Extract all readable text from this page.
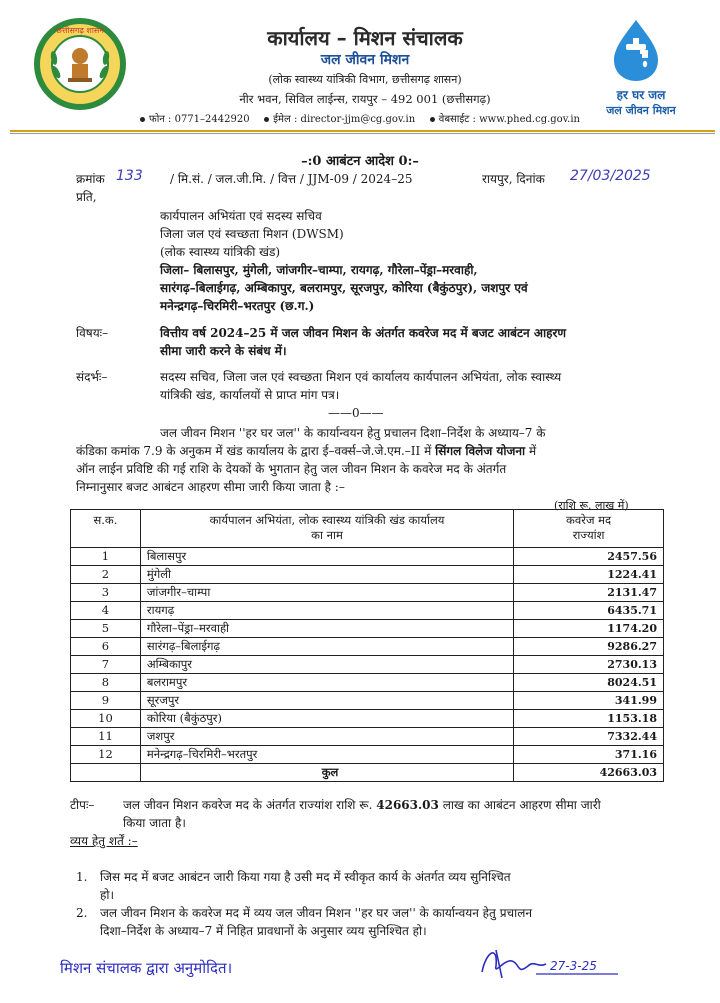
छत्तीसगढ़ शासन
हर घर जल
जल जीवन मिशन
कार्यालय – मिशन संचालक
जल जीवन मिशन
(लोक स्वास्थ्य यांत्रिकी विभाग, छत्तीसगढ़ शासन)
नीर भवन, सिविल लाईन्स, रायपुर – 492 001 (छत्तीसगढ़)
फोन : 0771–2442920	ईमेल : director-jjm@cg.gov.in	वेबसाईट : www.phed.cg.gov.in
–:0 आबंटन आदेश 0:–
क्रमांक 133 / मि.सं. / जल.जी.मि. / वित्त / JJM-09 / 2024–25	रायपुर, दिनांक 27/03/2025
प्रति,
कार्यपालन अभियंता एवं सदस्य सचिव
जिला जल एवं स्वच्छता मिशन (DWSM)
(लोक स्वास्थ्य यांत्रिकी खंड)
जिला– बिलासपुर, मुंगेली, जांजगीर–चाम्पा, रायगढ़, गौरेला–पेंड्रा–मरवाही,
सारंगढ़–बिलाईगढ़, अम्बिकापुर, बलरामपुर, सूरजपुर, कोरिया (बैकुंठपुर), जशपुर एवं
मनेन्द्रगढ़–चिरमिरी–भरतपुर (छ.ग.)
विषयः–	वित्तीय वर्ष 2024–25 में जल जीवन मिशन के अंतर्गत कवरेज मद में बजट आबंटन आहरण
सीमा जारी करने के संबंध में।
संदर्भः–	सदस्य सचिव, जिला जल एवं स्वच्छता मिशन एवं कार्यालय कार्यपालन अभियंता, लोक स्वास्थ्य
यांत्रिकी खंड, कार्यालयों से प्राप्त मांग पत्र।
——0——
जल जीवन मिशन ''हर घर जल'' के कार्यान्वयन हेतु प्रचालन दिशा–निर्देश के अध्याय–7 के
कंडिका कमांक 7.9 के अनुकम में खंड कार्यालय के द्वारा ई–वर्क्स–जे.जे.एम.–II में सिंगल विलेज योजना में
ऑन लाईन प्रविष्टि की गई राशि के देयकों के भुगतान हेतु जल जीवन मिशन के कवरेज मद के अंतर्गत
निम्नानुसार बजट आबंटन आहरण सीमा जारी किया जाता है :–
(राशि रू. लाख में)
स.क.	कार्यपालन अभियंता, लोक स्वास्थ्य यांत्रिकी खंड कार्यालय
का नाम	कवरेज मद
राज्यांश
1	बिलासपुर	2457.56
2	मुंगेली	1224.41
3	जांजगीर–चाम्पा	2131.47
4	रायगढ़	6435.71
5	गौरेला–पेंड्रा–मरवाही	1174.20
6	सारंगढ़–बिलाईगढ़	9286.27
7	अम्बिकापुर	2730.13
8	बलरामपुर	8024.51
9	सूरजपुर	341.99
10	कोरिया (बैकुंठपुर)	1153.18
11	जशपुर	7332.44
12	मनेन्द्रगढ़–चिरमिरी–भरतपुर	371.16
	कुल	42663.03
टीपः– जल जीवन मिशन कवरेज मद के अंतर्गत राज्यांश राशि रू. 42663.03 लाख का आबंटन आहरण सीमा जारी
किया जाता है।
व्यय हेतु शर्तें :–
1. जिस मद में बजट आबंटन जारी किया गया है उसी मद में स्वीकृत कार्य के अंतर्गत व्यय सुनिश्चित
हो।
2. जल जीवन मिशन के कवरेज मद में व्यय जल जीवन मिशन ''हर घर जल'' के कार्यान्वयन हेतु प्रचालन
दिशा–निर्देश के अध्याय–7 में निहित प्रावधानों के अनुसार व्यय सुनिश्चित हो।
मिशन संचालक द्वारा अनुमोदित।	27-3-25
